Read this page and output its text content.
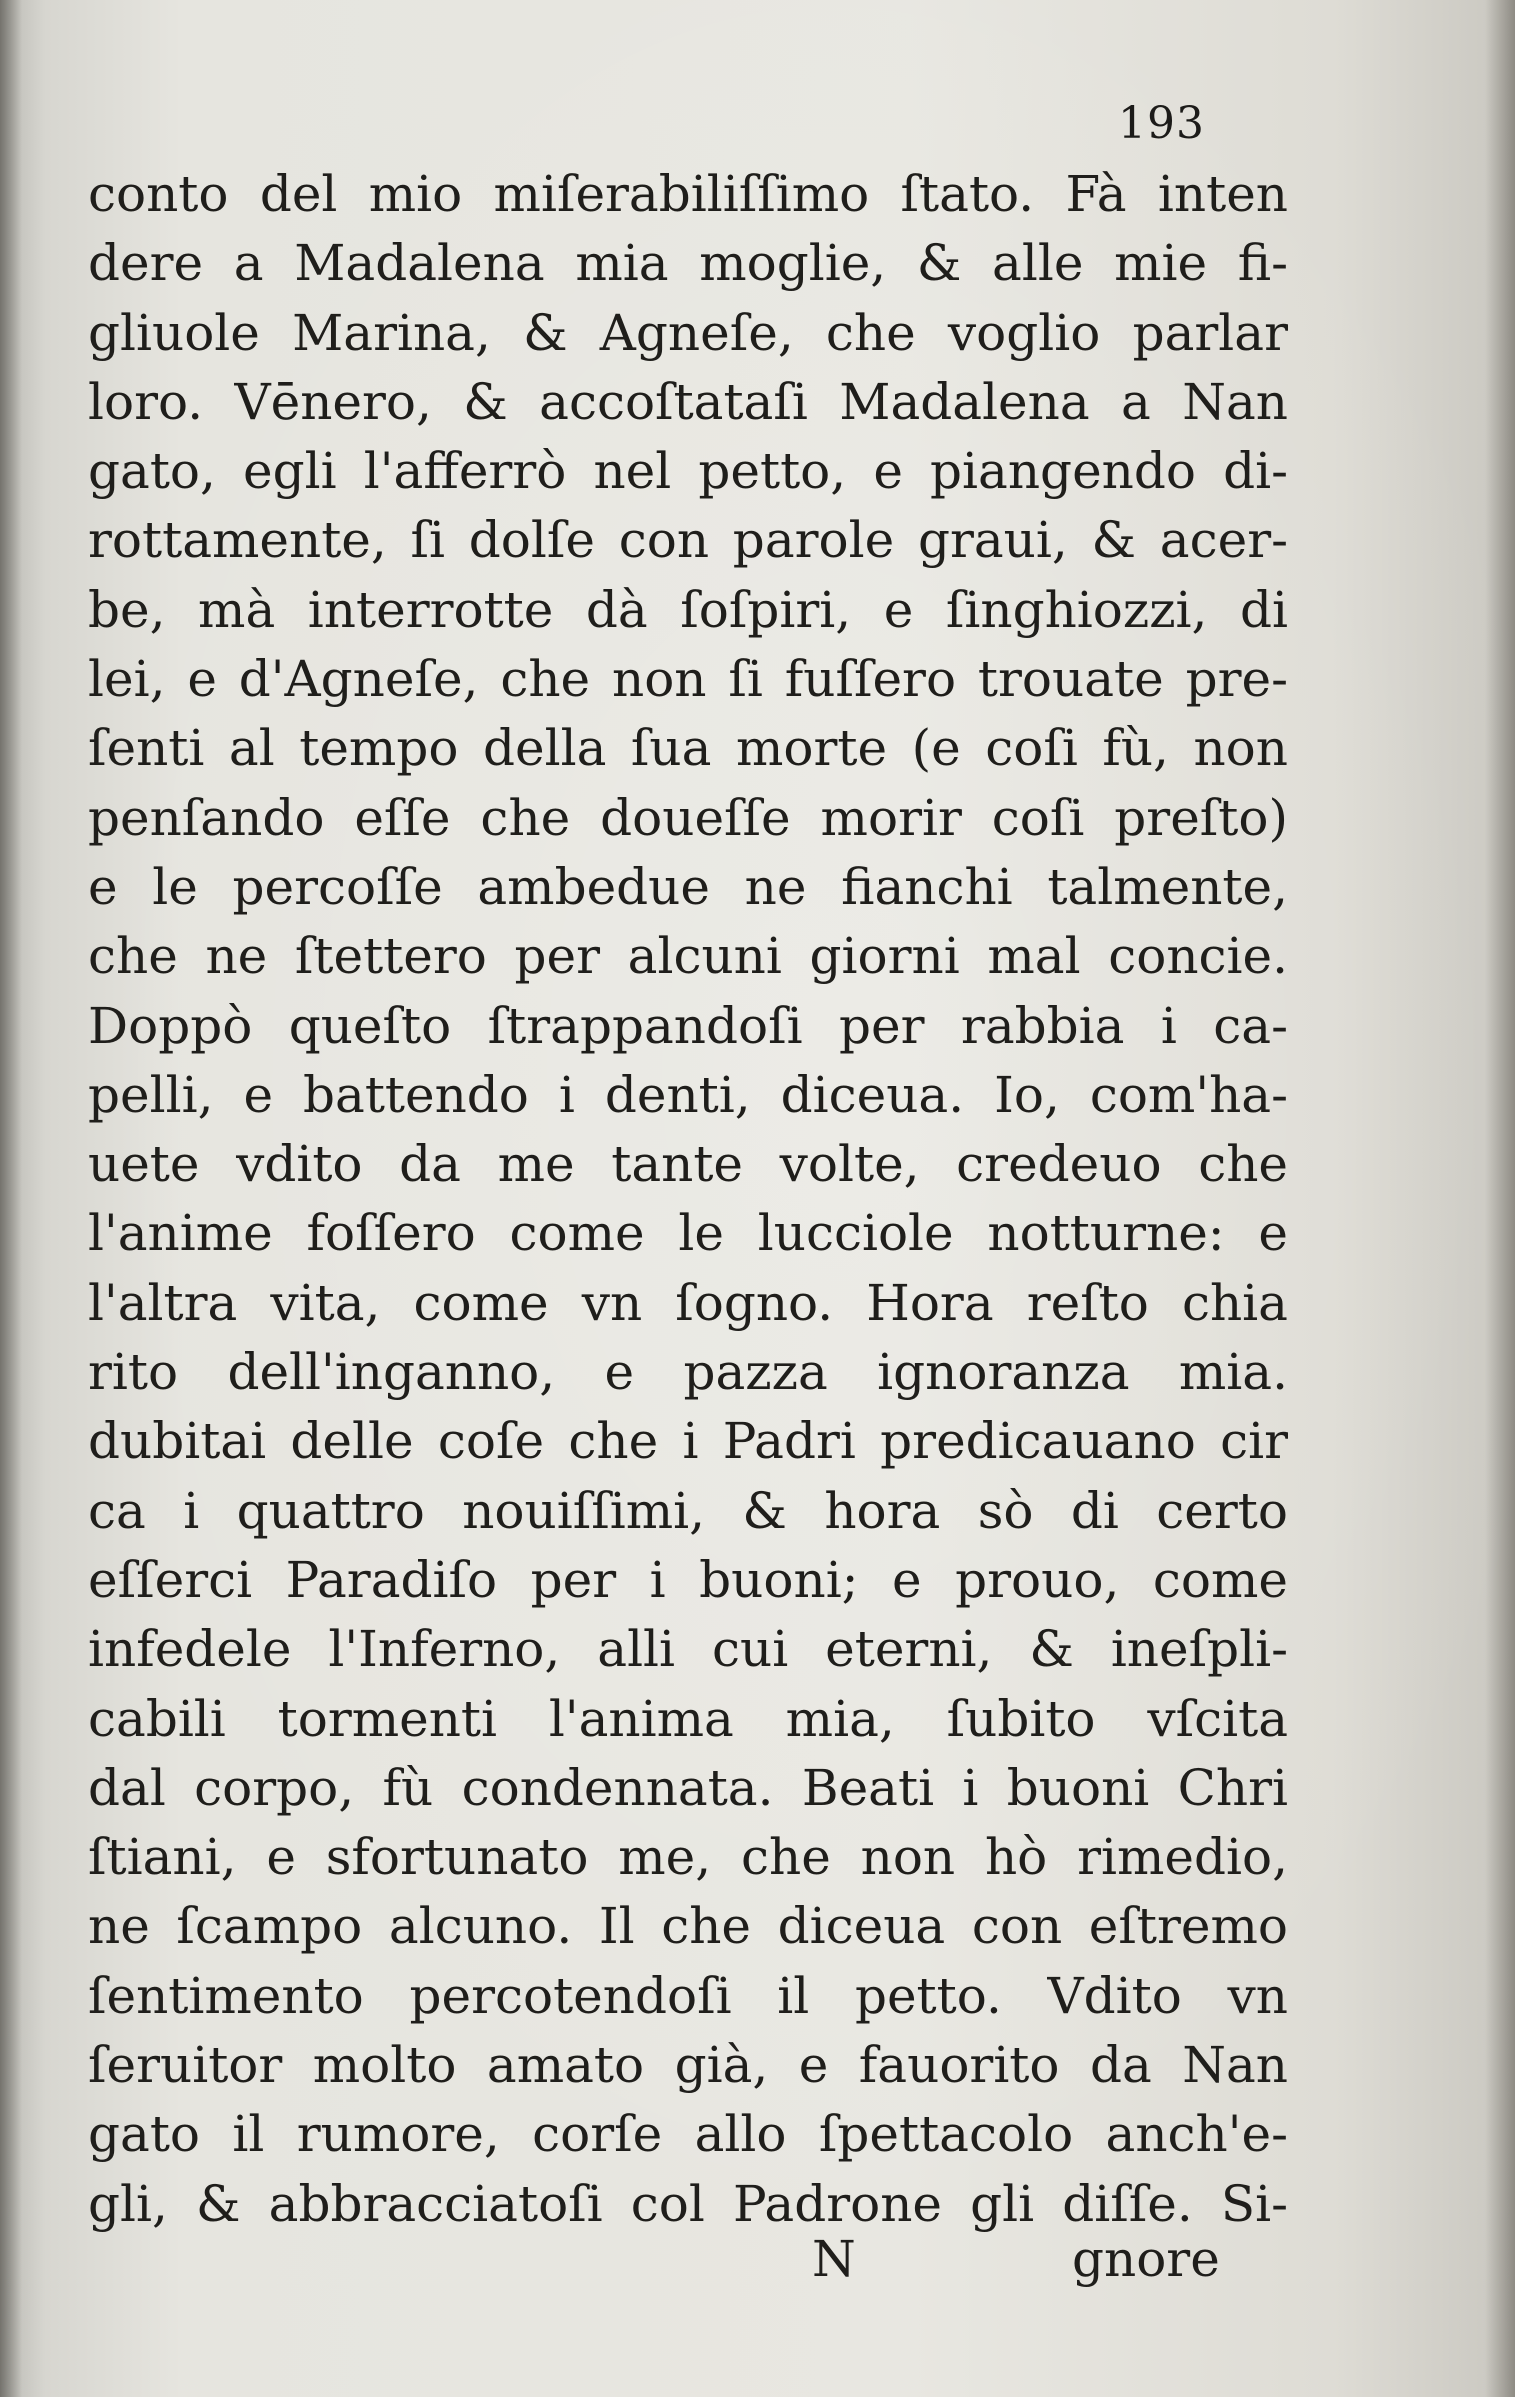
193
conto del mio miſerabiliſſimo ſtato. Fà inten
dere a Madalena mia moglie, & alle mie fi-
gliuole Marina, & Agneſe, che voglio parlar
loro. Vēnero, & accoſtataſi Madalena a Nan
gato, egli l'afferrò nel petto, e piangendo di-
rottamente, ſi dolſe con parole graui, & acer-
be, mà interrotte dà ſoſpiri, e ſinghiozzi, di
lei, e d'Agneſe, che non ſi fuſſero trouate pre-
ſenti al tempo della ſua morte (e coſi fù, non
penſando eſſe che doueſſe morir coſi preſto)
e le percoſſe ambedue ne fianchi talmente,
che ne ſtettero per alcuni giorni mal concie.
Doppò queſto ſtrappandoſi per rabbia i ca-
pelli, e battendo i denti, diceua. Io, com'ha-
uete vdito da me tante volte, credeuo che
l'anime foſſero come le lucciole notturne: e
l'altra vita, come vn ſogno. Hora reſto chia
rito dell'inganno, e pazza ignoranza mia.
dubitai delle coſe che i Padri predicauano cir
ca i quattro nouiſſimi, & hora sò di certo
eſſerci Paradiſo per i buoni; e prouo, come
infedele l'Inferno, alli cui eterni, & ineſpli-
cabili tormenti l'anima mia, ſubito vſcita
dal corpo, fù condennata. Beati i buoni Chri
ſtiani, e sfortunato me, che non hò rimedio,
ne ſcampo alcuno. Il che diceua con eſtremo
ſentimento percotendoſi il petto. Vdito vn
ſeruitor molto amato già, e fauorito da Nan
gato il rumore, corſe allo ſpettacolo anch'e-
gli, & abbracciatoſi col Padrone gli diſſe. Si-
N	gnore
